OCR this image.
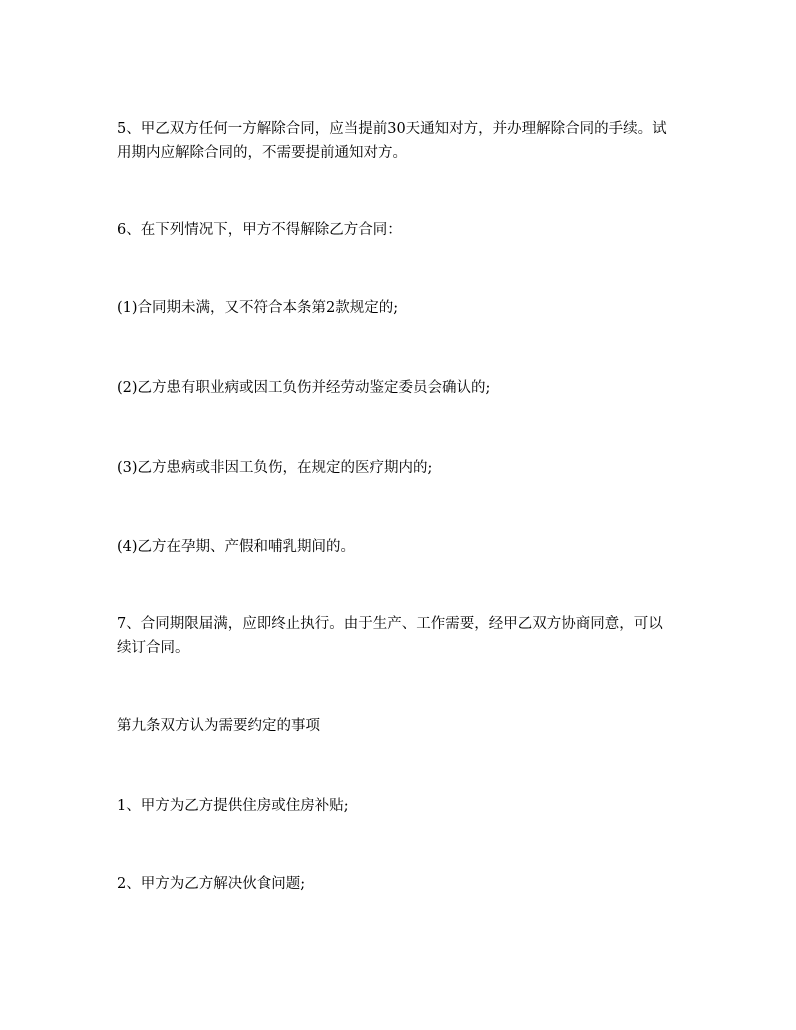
5、甲乙双方任何一方解除合同，应当提前30天通知对方，并办理解除合同的手续。试用期内应解除合同的，不需要提前通知对方。

6、在下列情况下，甲方不得解除乙方合同：

(1)合同期未满，又不符合本条第2款规定的;

(2)乙方患有职业病或因工负伤并经劳动鉴定委员会确认的;

(3)乙方患病或非因工负伤，在规定的医疗期内的;

(4)乙方在孕期、产假和哺乳期间的。

7、合同期限届满，应即终止执行。由于生产、工作需要，经甲乙双方协商同意，可以续订合同。

第九条双方认为需要约定的事项

1、甲方为乙方提供住房或住房补贴;

2、甲方为乙方解决伙食问题;
